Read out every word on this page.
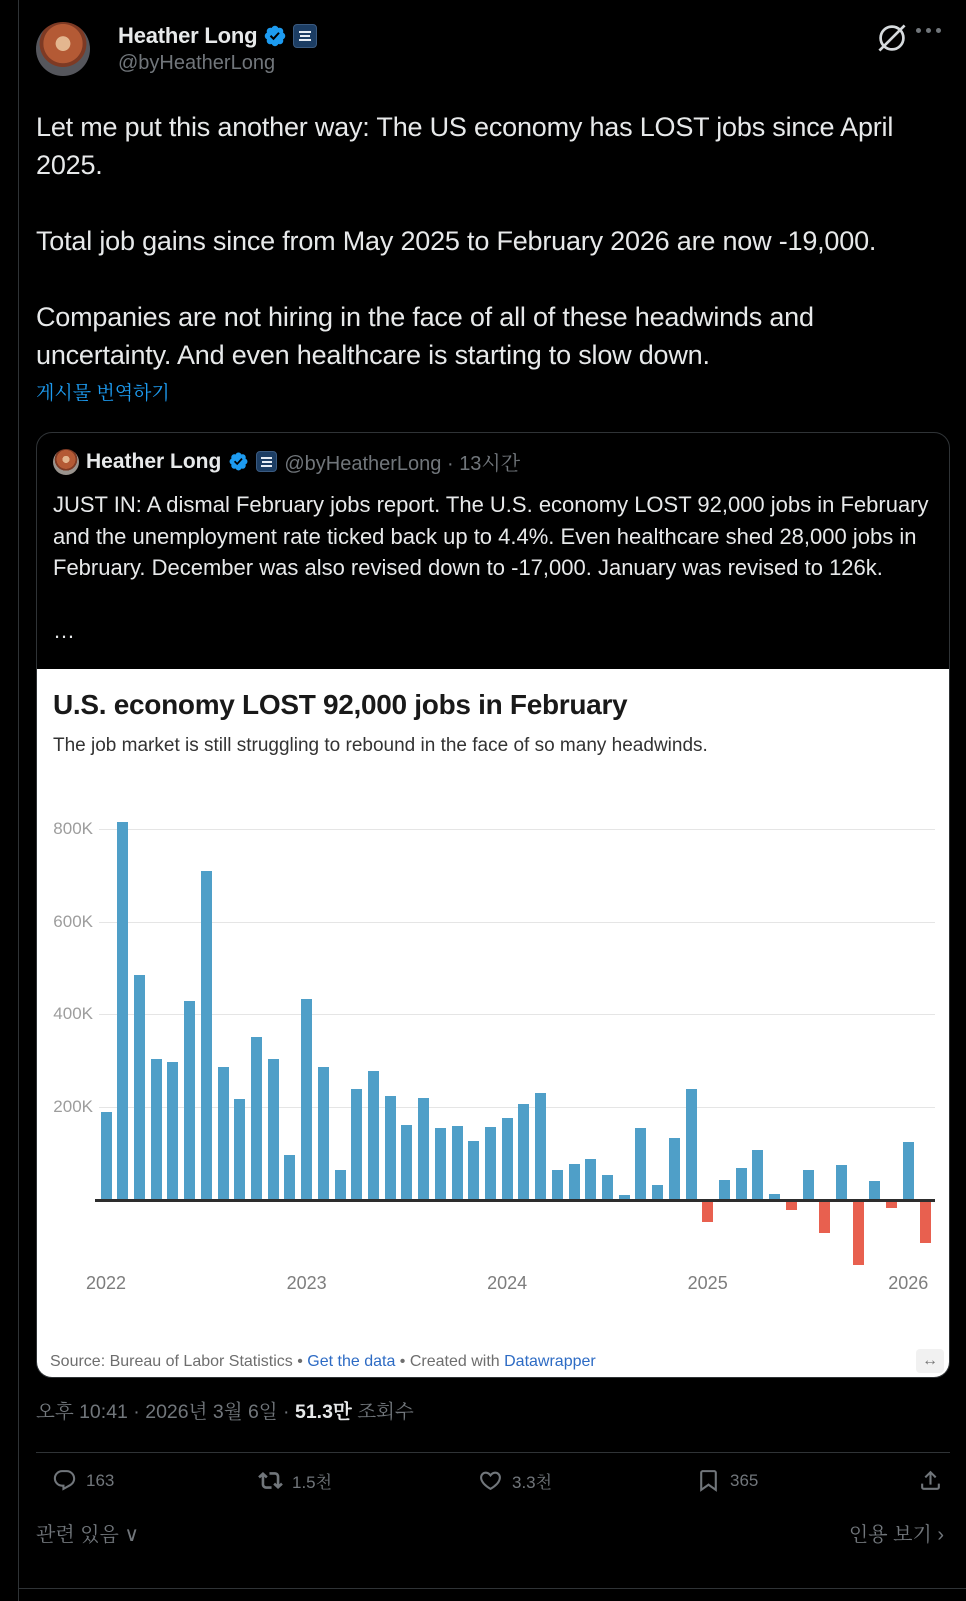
Heather Long
@byHeatherLong

Let me put this another way: The US economy has LOST jobs since April 2025.

Total job gains since from May 2025 to February 2026 are now -19,000.

Companies are not hiring in the face of all of these headwinds and uncertainty. And even healthcare is starting to slow down.

게시물 번역하기
Heather Long	@byHeatherLong · 13시간
JUST IN: A dismal February jobs report. The U.S. economy LOST 92,000 jobs in February and the unemployment rate ticked back up to 4.4%. Even healthcare shed 28,000 jobs in February. December was also revised down to -17,000. January was revised to 126k.
…
U.S. economy LOST 92,000 jobs in February
The job market is still struggling to rebound in the face of so many headwinds.
200K
400K
600K
800K
2022	2023	2024	2025	2026
Source: Bureau of Labor Statistics • Get the data • Created with Datawrapper	↔
오후 10:41 · 2026년 3월 6일 · 51.3만 조회수
163	1.5천	3.3천	365
관련 있음 ∨	인용 보기 ›
